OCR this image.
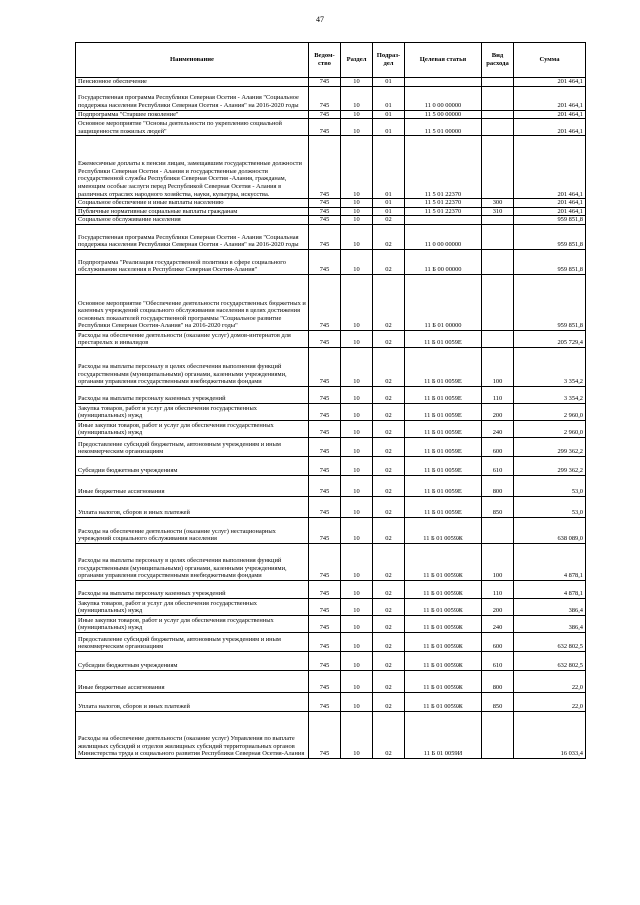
47
Наименование	Ведом-ство	Раздел	Подраз-дел	Целевая статья	Вид расхода	Сумма
Пенсионное обеспечение	745	10	01			201 464,1
Государственная программа Республики Северная Осетия - Алания "Социальное поддержка населения Республики Северная Осетия - Алания" на 2016-2020 годы	745	10	01	11 0 00 00000		201 464,1
Подпрограмма "Старшее поколение"	745	10	01	11 5 00 00000		201 464,1
Основное мероприятие "Основы деятельности по укреплению социальной защищенности пожилых людей"	745	10	01	11 5 01 00000		201 464,1
Ежемесячные доплаты к пенсии лицам, замещавшим государственные должности Республики Северная Осетия - Алания и государственные должности государственной службы Республики Северная Осетия -Алания, гражданам, имеющим особые заслуги перед Республикой Северная Осетия - Алания в различных отраслях народного хозяйства, науки, культуры, искусства.	745	10	01	11 5 01 22370		201 464,1
Социальное обеспечение и иные выплаты населению	745	10	01	11 5 01 22370	300	201 464,1
Публичные нормативные социальные выплаты гражданам	745	10	01	11 5 01 22370	310	201 464,1
Социальное обслуживание населения	745	10	02			959 851,8
Государственная программа Республики Северная Осетия - Алания "Социальная поддержка населения Республики Северная Осетия - Алания" на 2016-2020 годы	745	10	02	11 0 00 00000		959 851,8
Подпрограмма "Реализация государственной политики в сфере социального обслуживания населения в Республике Северная Осетия-Алания"	745	10	02	11 Б 00 00000		959 851,8
Основное мероприятие "Обеспечение деятельности государственных бюджетных и казенных учреждений социального обслуживания населения в целях достижения основных показателей государственной программы "Социальное развитие Республики Северная Осетия-Алания" на 2016-2020 годы"	745	10	02	11 Б 01 00000		959 851,8
Расходы на обеспечение деятельности (оказание услуг) домов-интернатов для престарелых и инвалидов	745	10	02	11 Б 01 0059Е		205 729,4
Расходы на выплаты персоналу в целях обеспечения выполнения функций государственными (муниципальными) органами, казенными учреждениями, органами управления государственными внебюджетными фондами	745	10	02	11 Б 01 0059Е	100	3 354,2
Расходы на выплаты персоналу казенных учреждений	745	10	02	11 Б 01 0059Е	110	3 354,2
Закупка товаров, работ и услуг для обеспечения государственных (муниципальных) нужд	745	10	02	11 Б 01 0059Е	200	2 960,0
Иные закупки товаров, работ и услуг для обеспечения государственных (муниципальных) нужд	745	10	02	11 Б 01 0059Е	240	2 960,0
Предоставление субсидий бюджетным, автономным учреждениям и иным некоммерческим организациям	745	10	02	11 Б 01 0059Е	600	299 362,2
Субсидии бюджетным учреждениям	745	10	02	11 Б 01 0059Е	610	299 362,2
Иные бюджетные ассигнования	745	10	02	11 Б 01 0059Е	800	53,0
Уплата налогов, сборов и иных платежей	745	10	02	11 Б 01 0059Е	850	53,0
Расходы на обеспечение деятельности (оказание услуг) нестационарных учреждений социального обслуживания населения	745	10	02	11 Б 01 0059Ж		638 089,0
Расходы на выплаты персоналу в целях обеспечения выполнения функций государственными (муниципальными) органами, казенными учреждениями, органами управления государственными внебюджетными фондами	745	10	02	11 Б 01 0059Ж	100	4 878,1
Расходы на выплаты персоналу казенных учреждений	745	10	02	11 Б 01 0059Ж	110	4 878,1
Закупка товаров, работ и услуг для обеспечения государственных (муниципальных) нужд	745	10	02	11 Б 01 0059Ж	200	386,4
Иные закупки товаров, работ и услуг для обеспечения государственных (муниципальных) нужд	745	10	02	11 Б 01 0059Ж	240	386,4
Предоставление субсидий бюджетным, автономным учреждениям и иным некоммерческим организациям	745	10	02	11 Б 01 0059Ж	600	632 802,5
Субсидии бюджетным учреждениям	745	10	02	11 Б 01 0059Ж	610	632 802,5
Иные бюджетные ассигнования	745	10	02	11 Б 01 0059Ж	800	22,0
Уплата налогов, сборов и иных платежей	745	10	02	11 Б 01 0059Ж	850	22,0
Расходы на обеспечение деятельности (оказание услуг) Управления по выплате жилищных субсидий и отделов жилищных субсидий территориальных органов Министерства труда и социального развития Республики Северная Осетия-Алания	745	10	02	11 Б 01 0059И		16 033,4
